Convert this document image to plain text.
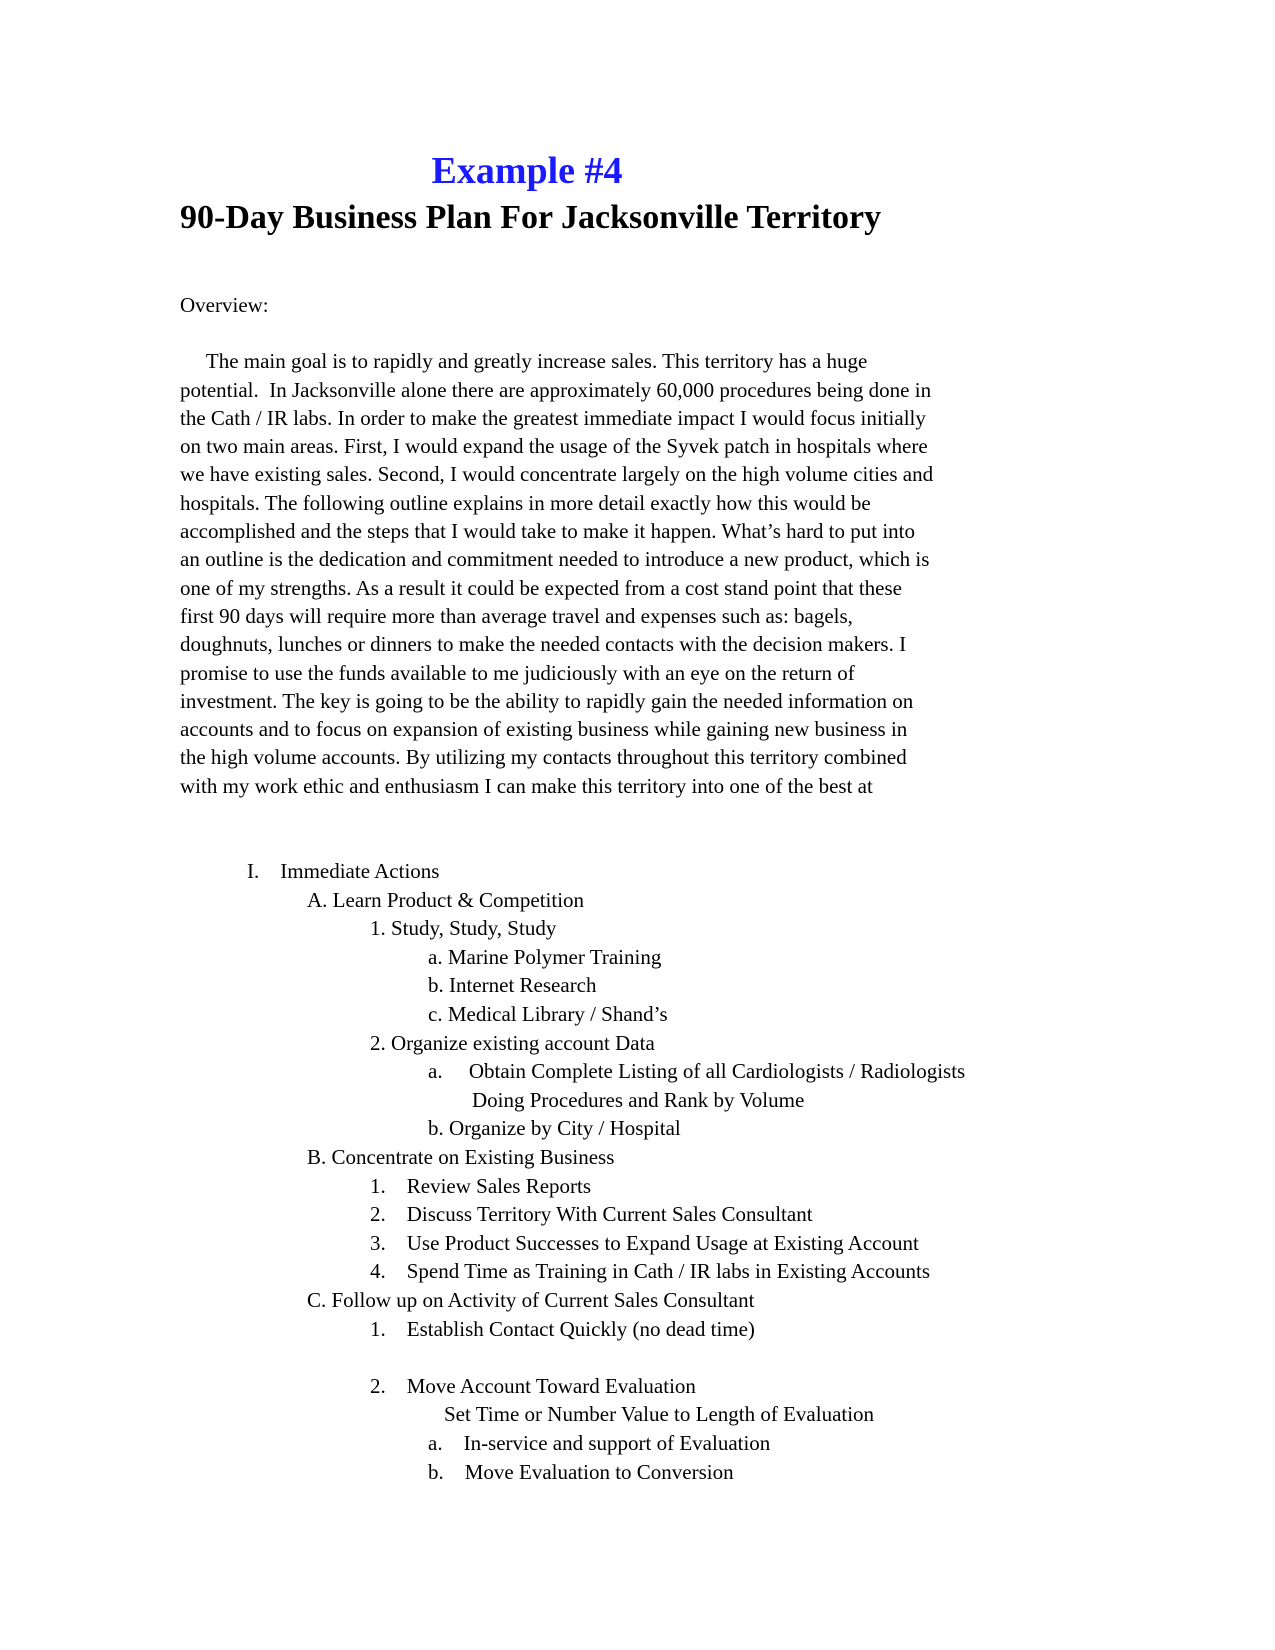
Example #4
90-Day Business Plan For Jacksonville Territory
Overview:
The main goal is to rapidly and greatly increase sales. This territory has a huge
potential.  In Jacksonville alone there are approximately 60,000 procedures being done in
the Cath / IR labs. In order to make the greatest immediate impact I would focus initially
on two main areas. First, I would expand the usage of the Syvek patch in hospitals where
we have existing sales. Second, I would concentrate largely on the high volume cities and
hospitals. The following outline explains in more detail exactly how this would be
accomplished and the steps that I would take to make it happen. What’s hard to put into
an outline is the dedication and commitment needed to introduce a new product, which is
one of my strengths. As a result it could be expected from a cost stand point that these
first 90 days will require more than average travel and expenses such as: bagels,
doughnuts, lunches or dinners to make the needed contacts with the decision makers. I
promise to use the funds available to me judiciously with an eye on the return of
investment. The key is going to be the ability to rapidly gain the needed information on
accounts and to focus on expansion of existing business while gaining new business in
the high volume accounts. By utilizing my contacts throughout this territory combined
with my work ethic and enthusiasm I can make this territory into one of the best at
I.    Immediate Actions
A. Learn Product & Competition
1. Study, Study, Study
a. Marine Polymer Training
b. Internet Research
c. Medical Library / Shand’s
2. Organize existing account Data
a.     Obtain Complete Listing of all Cardiologists / Radiologists
Doing Procedures and Rank by Volume
b. Organize by City / Hospital
B. Concentrate on Existing Business
1.    Review Sales Reports
2.    Discuss Territory With Current Sales Consultant
3.    Use Product Successes to Expand Usage at Existing Account
4.    Spend Time as Training in Cath / IR labs in Existing Accounts
C. Follow up on Activity of Current Sales Consultant
1.    Establish Contact Quickly (no dead time)
2.    Move Account Toward Evaluation
Set Time or Number Value to Length of Evaluation
a.    In-service and support of Evaluation
b.    Move Evaluation to Conversion
